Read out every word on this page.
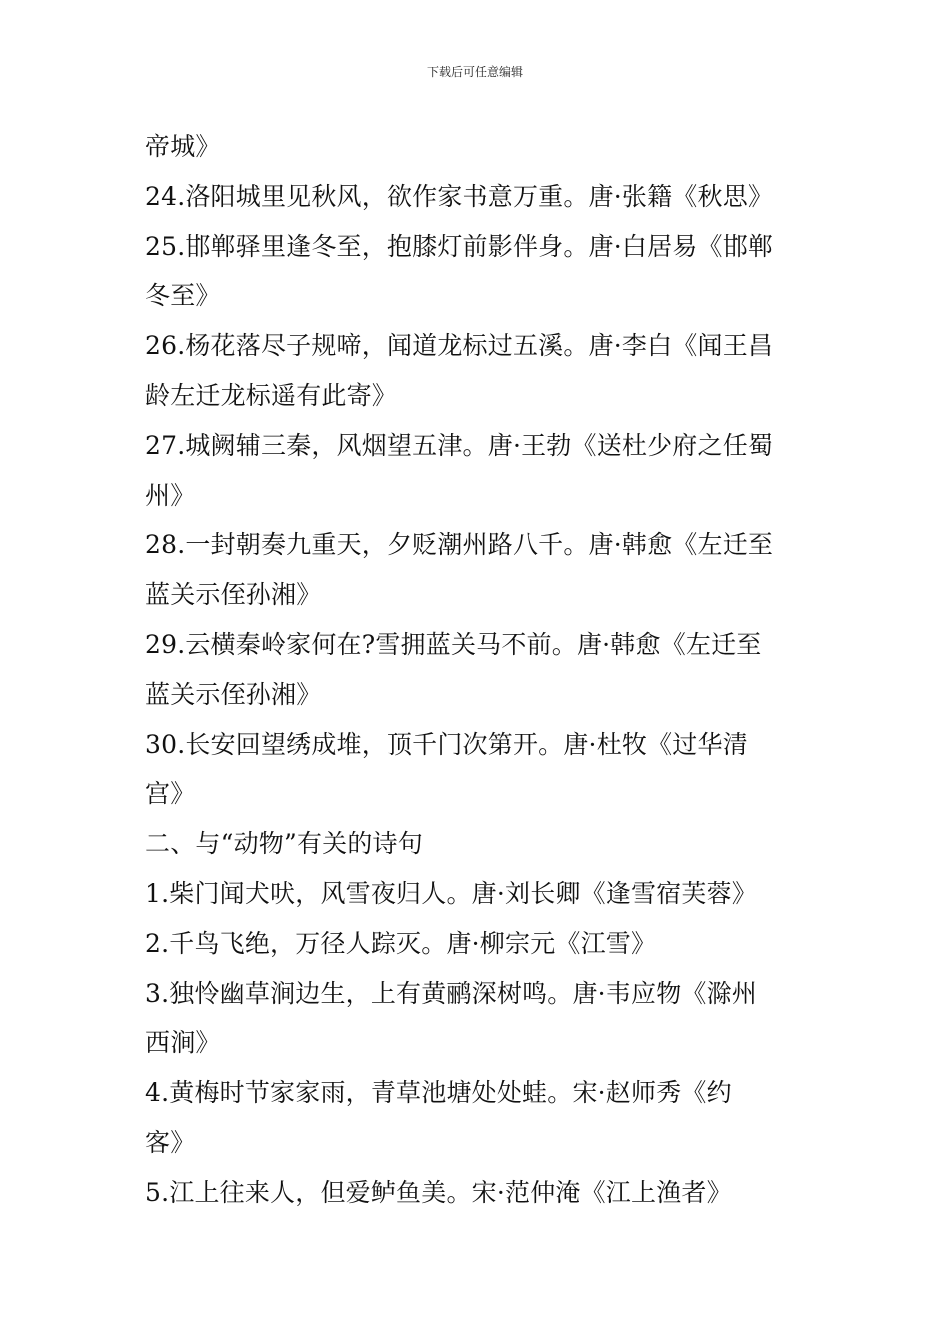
下载后可任意编辑
帝城》
24.洛阳城里见秋风，欲作家书意万重。唐·张籍《秋思》
25.邯郸驿里逢冬至，抱膝灯前影伴身。唐·白居易《邯郸
冬至》
26.杨花落尽子规啼，闻道龙标过五溪。唐·李白《闻王昌
龄左迁龙标遥有此寄》
27.城阙辅三秦，风烟望五津。唐·王勃《送杜少府之任蜀
州》
28.一封朝奏九重天，夕贬潮州路八千。唐·韩愈《左迁至
蓝关示侄孙湘》
29.云横秦岭家何在?雪拥蓝关马不前。唐·韩愈《左迁至
蓝关示侄孙湘》
30.长安回望绣成堆，顶千门次第开。唐·杜牧《过华清
宫》
二、与“动物”有关的诗句
1.柴门闻犬吠，风雪夜归人。唐·刘长卿《逢雪宿芙蓉》
2.千鸟飞绝，万径人踪灭。唐·柳宗元《江雪》
3.独怜幽草涧边生，上有黄鹂深树鸣。唐·韦应物《滁州
西涧》
4.黄梅时节家家雨，青草池塘处处蛙。宋·赵师秀《约
客》
5.江上往来人，但爱鲈鱼美。宋·范仲淹《江上渔者》
